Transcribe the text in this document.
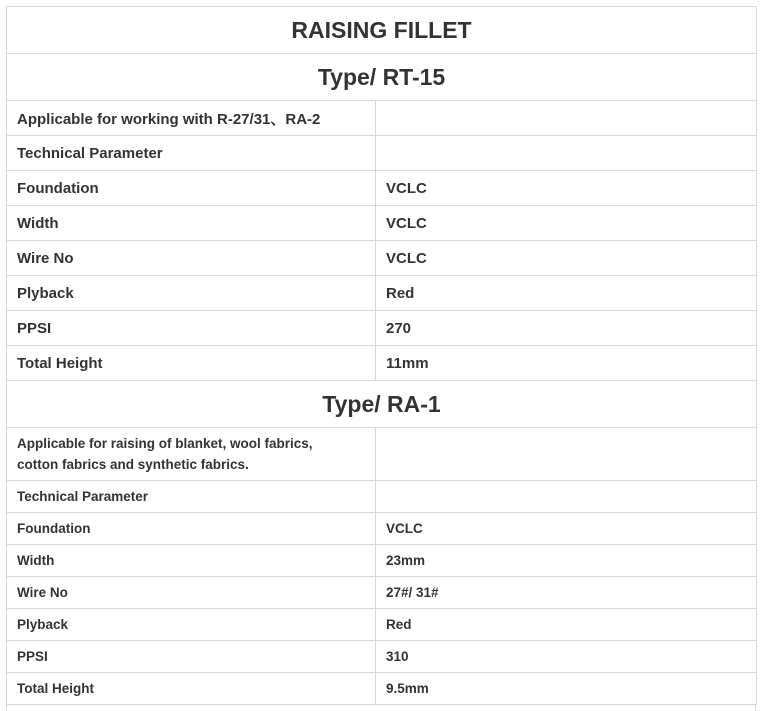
RAISING FILLET	
Type/ RT-15	
Applicable for working with R-27/31、RA-2	
Technical Parameter	
Foundation	VCLC
Width	VCLC
Wire No	VCLC
Plyback	Red
PPSI	270
Total Height	11mm
Type/ RA-1	

Applicable for raising of blanket, wool fabrics,
cotton fabrics and synthetic fabrics.	

Technical Parameter	
Foundation	VCLC
Width	23mm
Wire No	27#/ 31#
Plyback	Red
PPSI	310
Total Height	9.5mm
